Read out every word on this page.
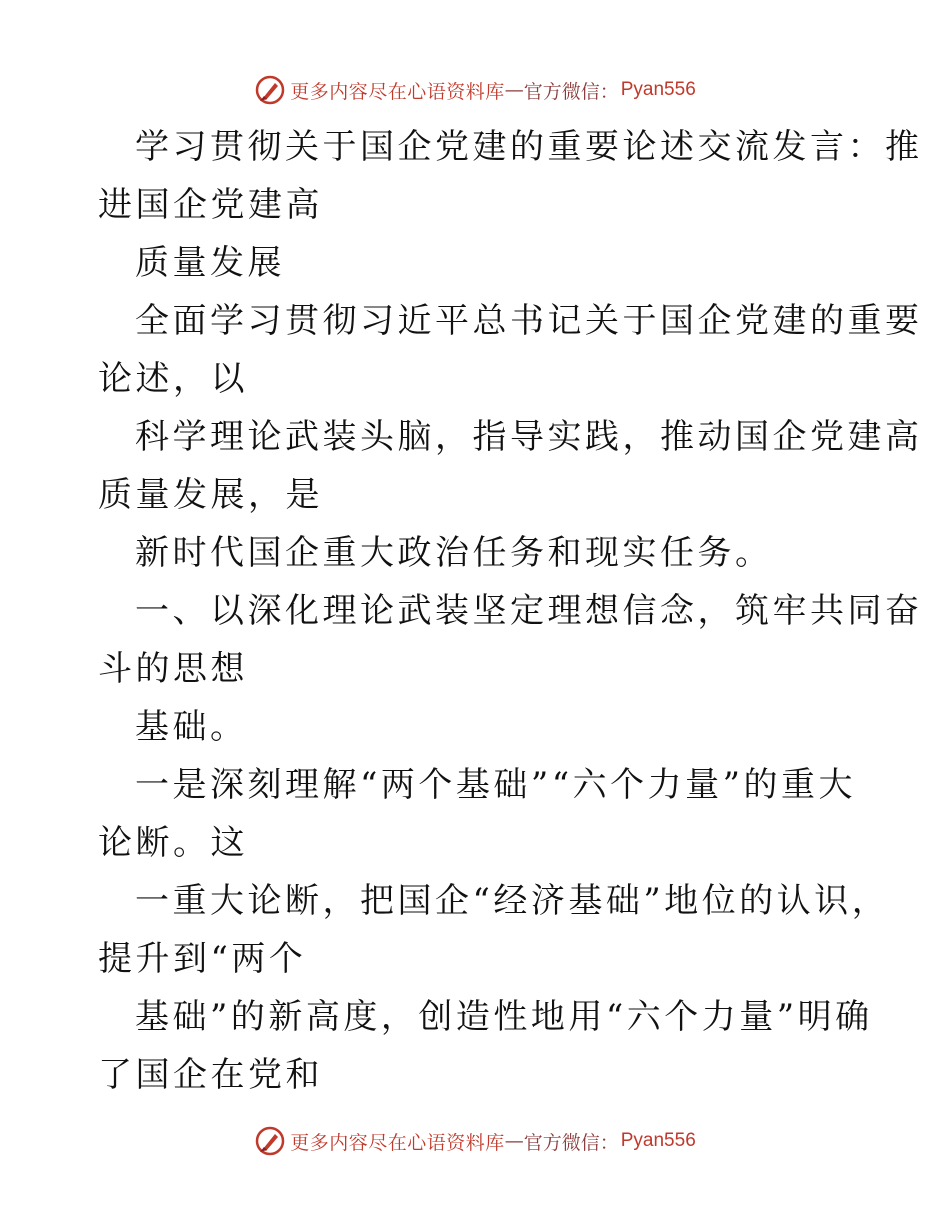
更多内容尽在心语资料库 — 官方微信： Pyan556
学习贯彻关于国企党建的重要论述交流发言：推
进国企党建高
质量发展
全面学习贯彻习近平总书记关于国企党建的重要
论述，以
科学理论武装头脑，指导实践，推动国企党建高
质量发展，是
新时代国企重大政治任务和现实任务。
一、以深化理论武装坚定理想信念，筑牢共同奋
斗的思想
基础。
一是深刻理解“两个基础”“六个力量”的重大
论断。这
一重大论断，把国企“经济基础”地位的认识，
提升到“两个
基础”的新高度，创造性地用“六个力量”明确
了国企在党和
更多内容尽在心语资料库 — 官方微信： Pyan556
